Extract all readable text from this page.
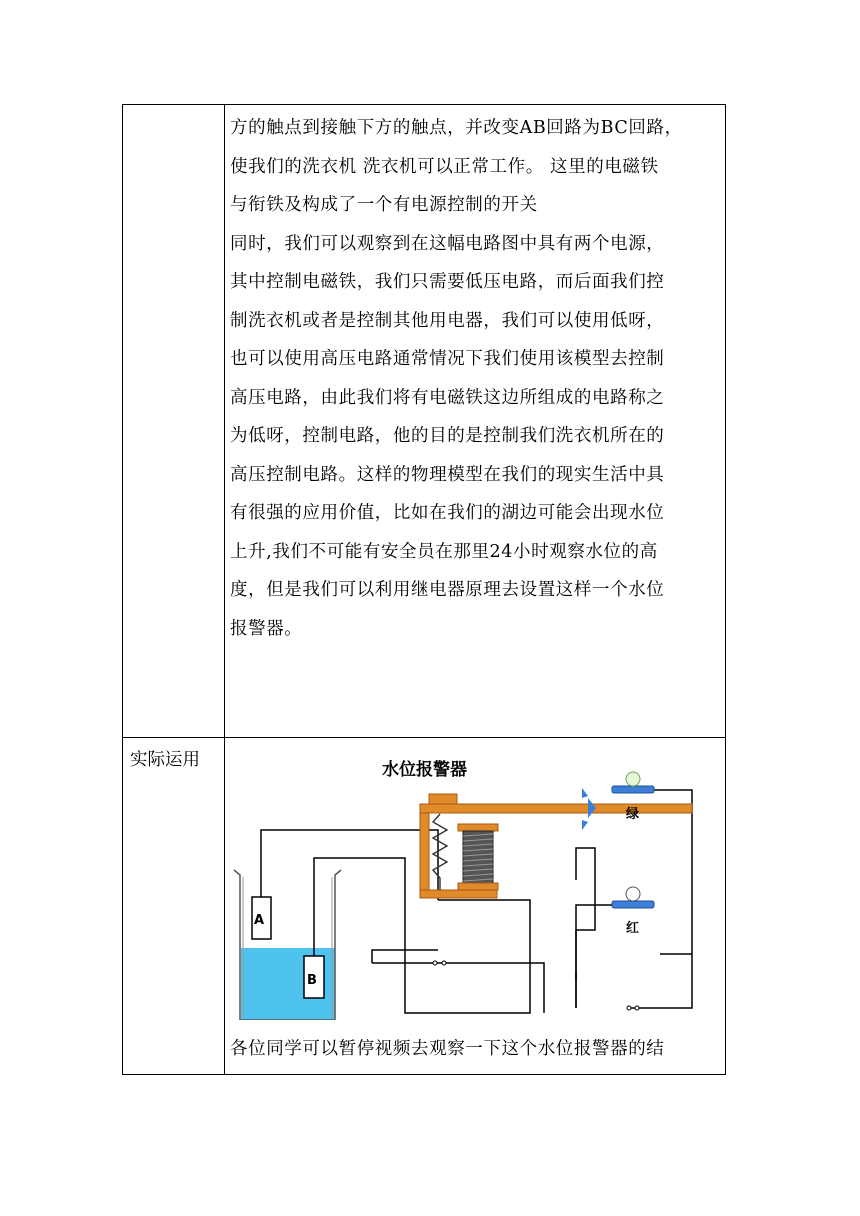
方的触点到接触下方的触点，并改变AB回路为BC回路，
使我们的洗衣机 洗衣机可以正常工作。 这里的电磁铁
与衔铁及构成了一个有电源控制的开关
同时，我们可以观察到在这幅电路图中具有两个电源，
其中控制电磁铁，我们只需要低压电路，而后面我们控
制洗衣机或者是控制其他用电器，我们可以使用低呀，
也可以使用高压电路通常情况下我们使用该模型去控制
高压电路，由此我们将有电磁铁这边所组成的电路称之
为低呀，控制电路，他的目的是控制我们洗衣机所在的
高压控制电路。这样的物理模型在我们的现实生活中具
有很强的应用价值，比如在我们的湖边可能会出现水位
上升,我们不可能有安全员在那里24小时观察水位的高
度，但是我们可以利用继电器原理去设置这样一个水位
报警器。
实际运用	水位报警器
A
B
绿
红
各位同学可以暂停视频去观察一下这个水位报警器的结
